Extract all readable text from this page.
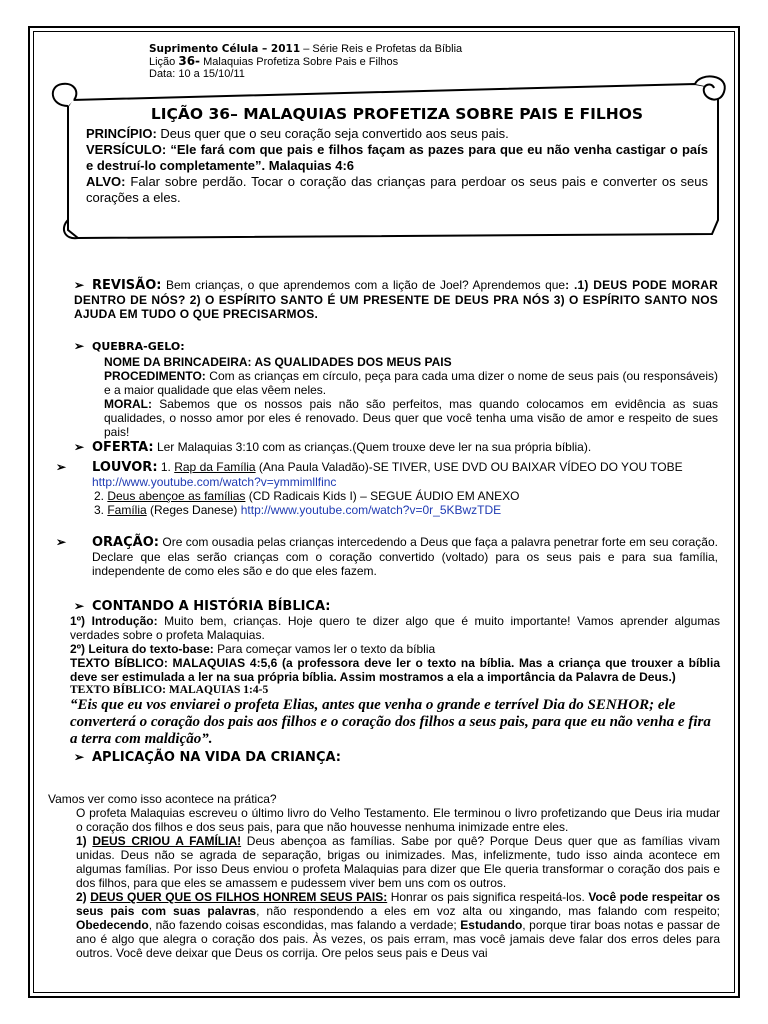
Suprimento Célula – 2011 – Série Reis e Profetas da Bíblia
Lição 36- Malaquias Profetiza Sobre Pais e Filhos
Data: 10 a 15/10/11
LIÇÃO 36– MALAQUIAS PROFETIZA SOBRE PAIS E FILHOS
PRINCÍPIO: Deus quer que o seu coração seja convertido aos seus pais.
VERSÍCULO: “Ele fará com que pais e filhos façam as pazes para que eu não venha castigar o país e destruí-lo completamente”. Malaquias 4:6
ALVO: Falar sobre perdão. Tocar o coração das crianças para perdoar os seus pais e converter os seus corações a eles.
➢ REVISÃO: Bem crianças, o que aprendemos com a lição de Joel? Aprendemos que: .1) DEUS PODE MORAR DENTRO DE NÓS? 2) O ESPÍRITO SANTO É UM PRESENTE DE DEUS PRA NÓS 3) O ESPÍRITO SANTO NOS AJUDA EM TUDO O QUE PRECISARMOS.
➢ QUEBRA-GELO:
NOME DA BRINCADEIRA: AS QUALIDADES DOS MEUS PAIS
PROCEDIMENTO: Com as crianças em círculo, peça para cada uma dizer o nome de seus pais (ou responsáveis) e a maior qualidade que elas vêem neles.
MORAL: Sabemos que os nossos pais não são perfeitos, mas quando colocamos em evidência as suas qualidades, o nosso amor por eles é renovado. Deus quer que você tenha uma visão de amor e respeito de sues pais!
➢ OFERTA: Ler Malaquias 3:10 com as crianças.(Quem trouxe deve ler na sua própria bíblia).
➢ LOUVOR: 1. Rap da Família (Ana Paula Valadão)-SE TIVER, USE DVD OU BAIXAR VÍDEO DO YOU TOBE http://www.youtube.com/watch?v=ymmimllfinc
2. Deus abençoe as famílias (CD Radicais Kids I) – SEGUE ÁUDIO EM ANEXO
3. Família (Reges Danese) http://www.youtube.com/watch?v=0r_5KBwzTDE
➢ ORAÇÃO: Ore com ousadia pelas crianças intercedendo a Deus que faça a palavra penetrar forte em seu coração. Declare que elas serão crianças com o coração convertido (voltado) para os seus pais e para sua família, independente de como eles são e do que eles fazem.
➢ CONTANDO A HISTÓRIA BÍBLICA:
1º) Introdução: Muito bem, crianças. Hoje quero te dizer algo que é muito importante! Vamos aprender algumas verdades sobre o profeta Malaquias.
2º) Leitura do texto-base: Para começar vamos ler o texto da bíblia
TEXTO BÍBLICO: MALAQUIAS 4:5,6 (a professora deve ler o texto na bíblia. Mas a criança que trouxer a bíblia deve ser estimulada a ler na sua própria bíblia. Assim mostramos a ela a importância da Palavra de Deus.)
TEXTO BÍBLICO: MALAQUIAS 1:4-5
“Eis que eu vos enviarei o profeta Elias, antes que venha o grande e terrível Dia do SENHOR; ele converterá o coração dos pais aos filhos e o coração dos filhos a seus pais, para que eu não venha e fira a terra com maldição”.
➢ APLICAÇÃO NA VIDA DA CRIANÇA:
Vamos ver como isso acontece na prática?
O profeta Malaquias escreveu o último livro do Velho Testamento. Ele terminou o livro profetizando que Deus iria mudar o coração dos filhos e dos seus pais, para que não houvesse nenhuma inimizade entre eles.
1) DEUS CRIOU A FAMÍLIA! Deus abençoa as famílias. Sabe por quê? Porque Deus quer que as famílias vivam unidas. Deus não se agrada de separação, brigas ou inimizades. Mas, infelizmente, tudo isso ainda acontece em algumas famílias. Por isso Deus enviou o profeta Malaquias para dizer que Ele queria transformar o coração dos pais e dos filhos, para que eles se amassem e pudessem viver bem uns com os outros.
2) DEUS QUER QUE OS FILHOS HONREM SEUS PAIS: Honrar os pais significa respeitá-los. Você pode respeitar os seus pais com suas palavras, não respondendo a eles em voz alta ou xingando, mas falando com respeito; Obedecendo, não fazendo coisas escondidas, mas falando a verdade; Estudando, porque tirar boas notas e passar de ano é algo que alegra o coração dos pais. Às vezes, os pais erram, mas você jamais deve falar dos erros deles para outros. Você deve deixar que Deus os corrija. Ore pelos seus pais e Deus vai
